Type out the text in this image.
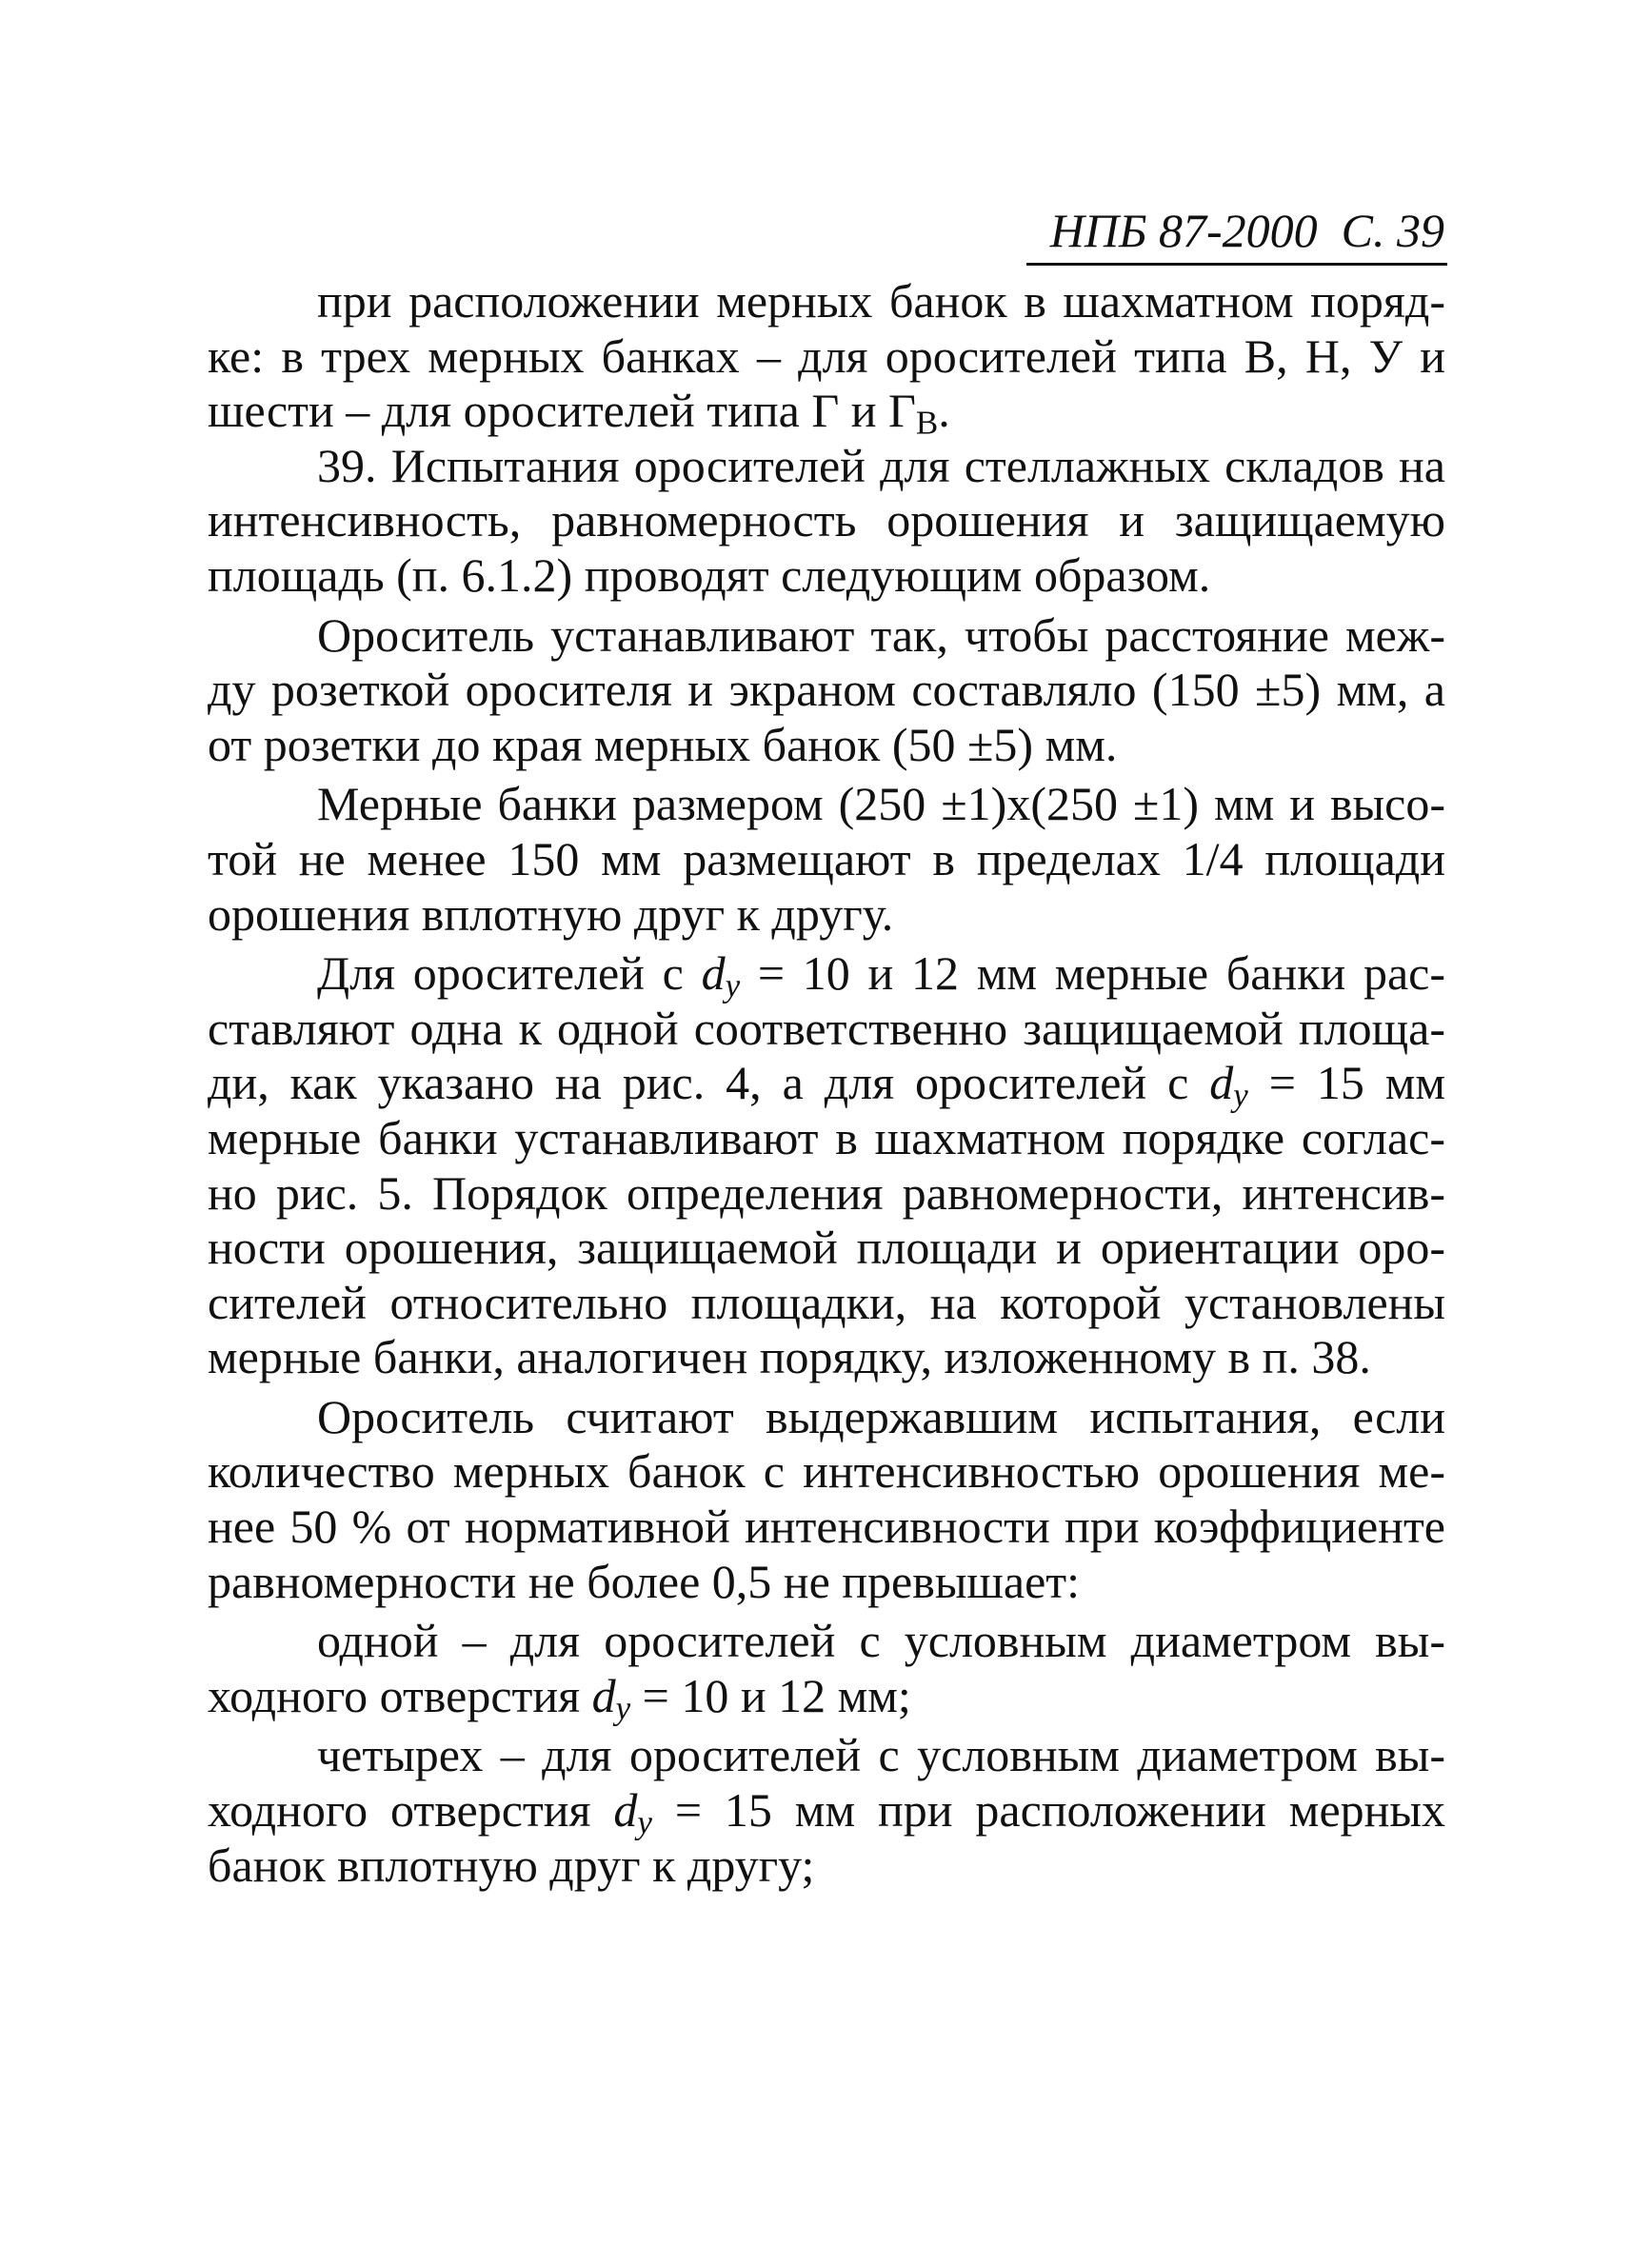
НПБ 87-2000 С. 39
при расположении мерных банок в шахматном поряд-
ке: в трех мерных банках – для оросителей типа В, Н, У и
шести – для оросителей типа Г и $Г_В$.
39. Испытания оросителей для стеллажных складов на
интенсивность, равномерность орошения и защищаемую
площадь (п. 6.1.2) проводят следующим образом.
Ороситель устанавливают так, чтобы расстояние меж-
ду розеткой оросителя и экраном составляло (150 ±5) мм, а
от розетки до края мерных банок (50 ±5) мм.
Мерные банки размером (250 ±1)x(250 ±1) мм и высо-
той не менее 150 мм размещают в пределах 1/4 площади
орошения вплотную друг к другу.
Для оросителей с $d_y = 10$ и 12 мм мерные банки рас-
ставляют одна к одной соответственно защищаемой площа-
ди, как указано на рис. 4, а для оросителей с $d_y = 15$ мм
мерные банки устанавливают в шахматном порядке соглас-
но рис. 5. Порядок определения равномерности, интенсив-
ности орошения, защищаемой площади и ориентации оро-
сителей относительно площадки, на которой установлены
мерные банки, аналогичен порядку, изложенному в п. 38.
Ороситель считают выдержавшим испытания, если
количество мерных банок с интенсивностью орошения ме-
нее 50 % от нормативной интенсивности при коэффициенте
равномерности не более 0,5 не превышает:
одной – для оросителей с условным диаметром вы-
ходного отверстия $d_y = 10$ и 12 мм;
четырех – для оросителей с условным диаметром вы-
ходного отверстия $d_y = 15$ мм при расположении мерных
банок вплотную друг к другу;
